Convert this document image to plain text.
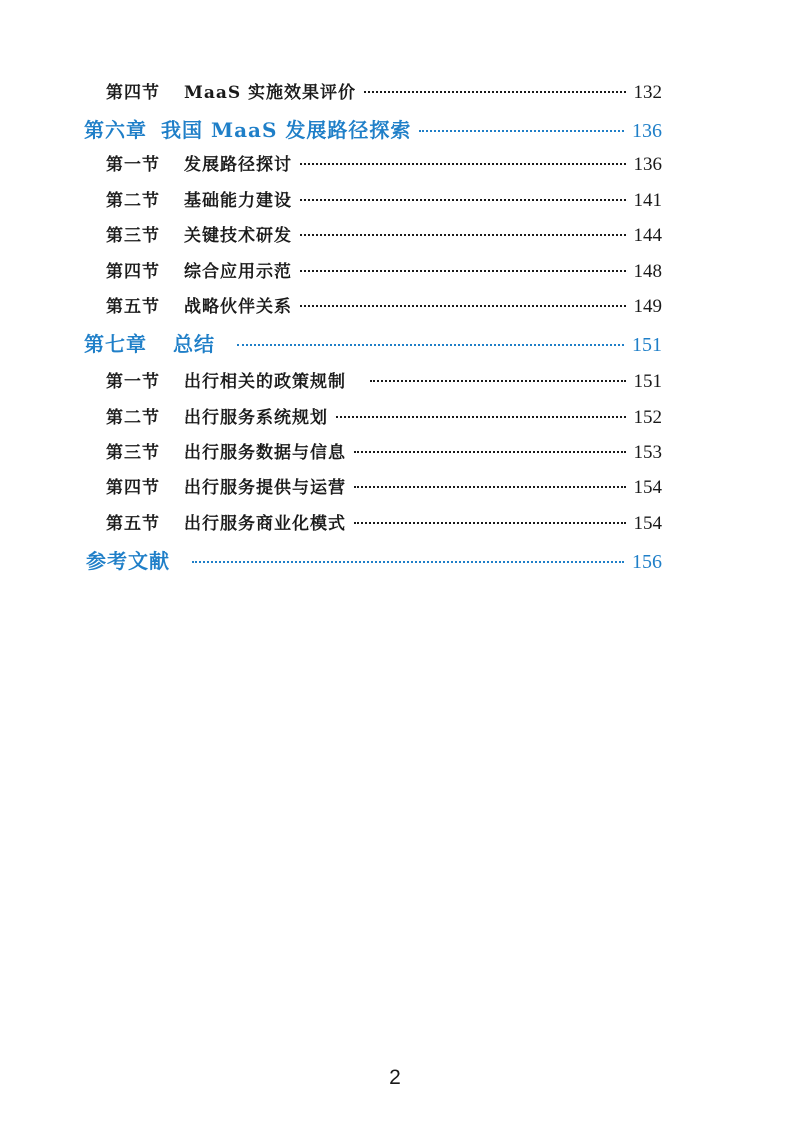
第四节 MaaS 实施效果评价	132
第六章 我国 MaaS 发展路径探索	136
第一节 发展路径探讨	136
第二节 基础能力建设	141
第三节 关键技术研发	144
第四节 综合应用示范	148
第五节 战略伙伴关系	149
第七章 总结	151
第一节 出行相关的政策规制	151
第二节 出行服务系统规划	152
第三节 出行服务数据与信息	153
第四节 出行服务提供与运营	154
第五节 出行服务商业化模式	154
参考文献	156
2
